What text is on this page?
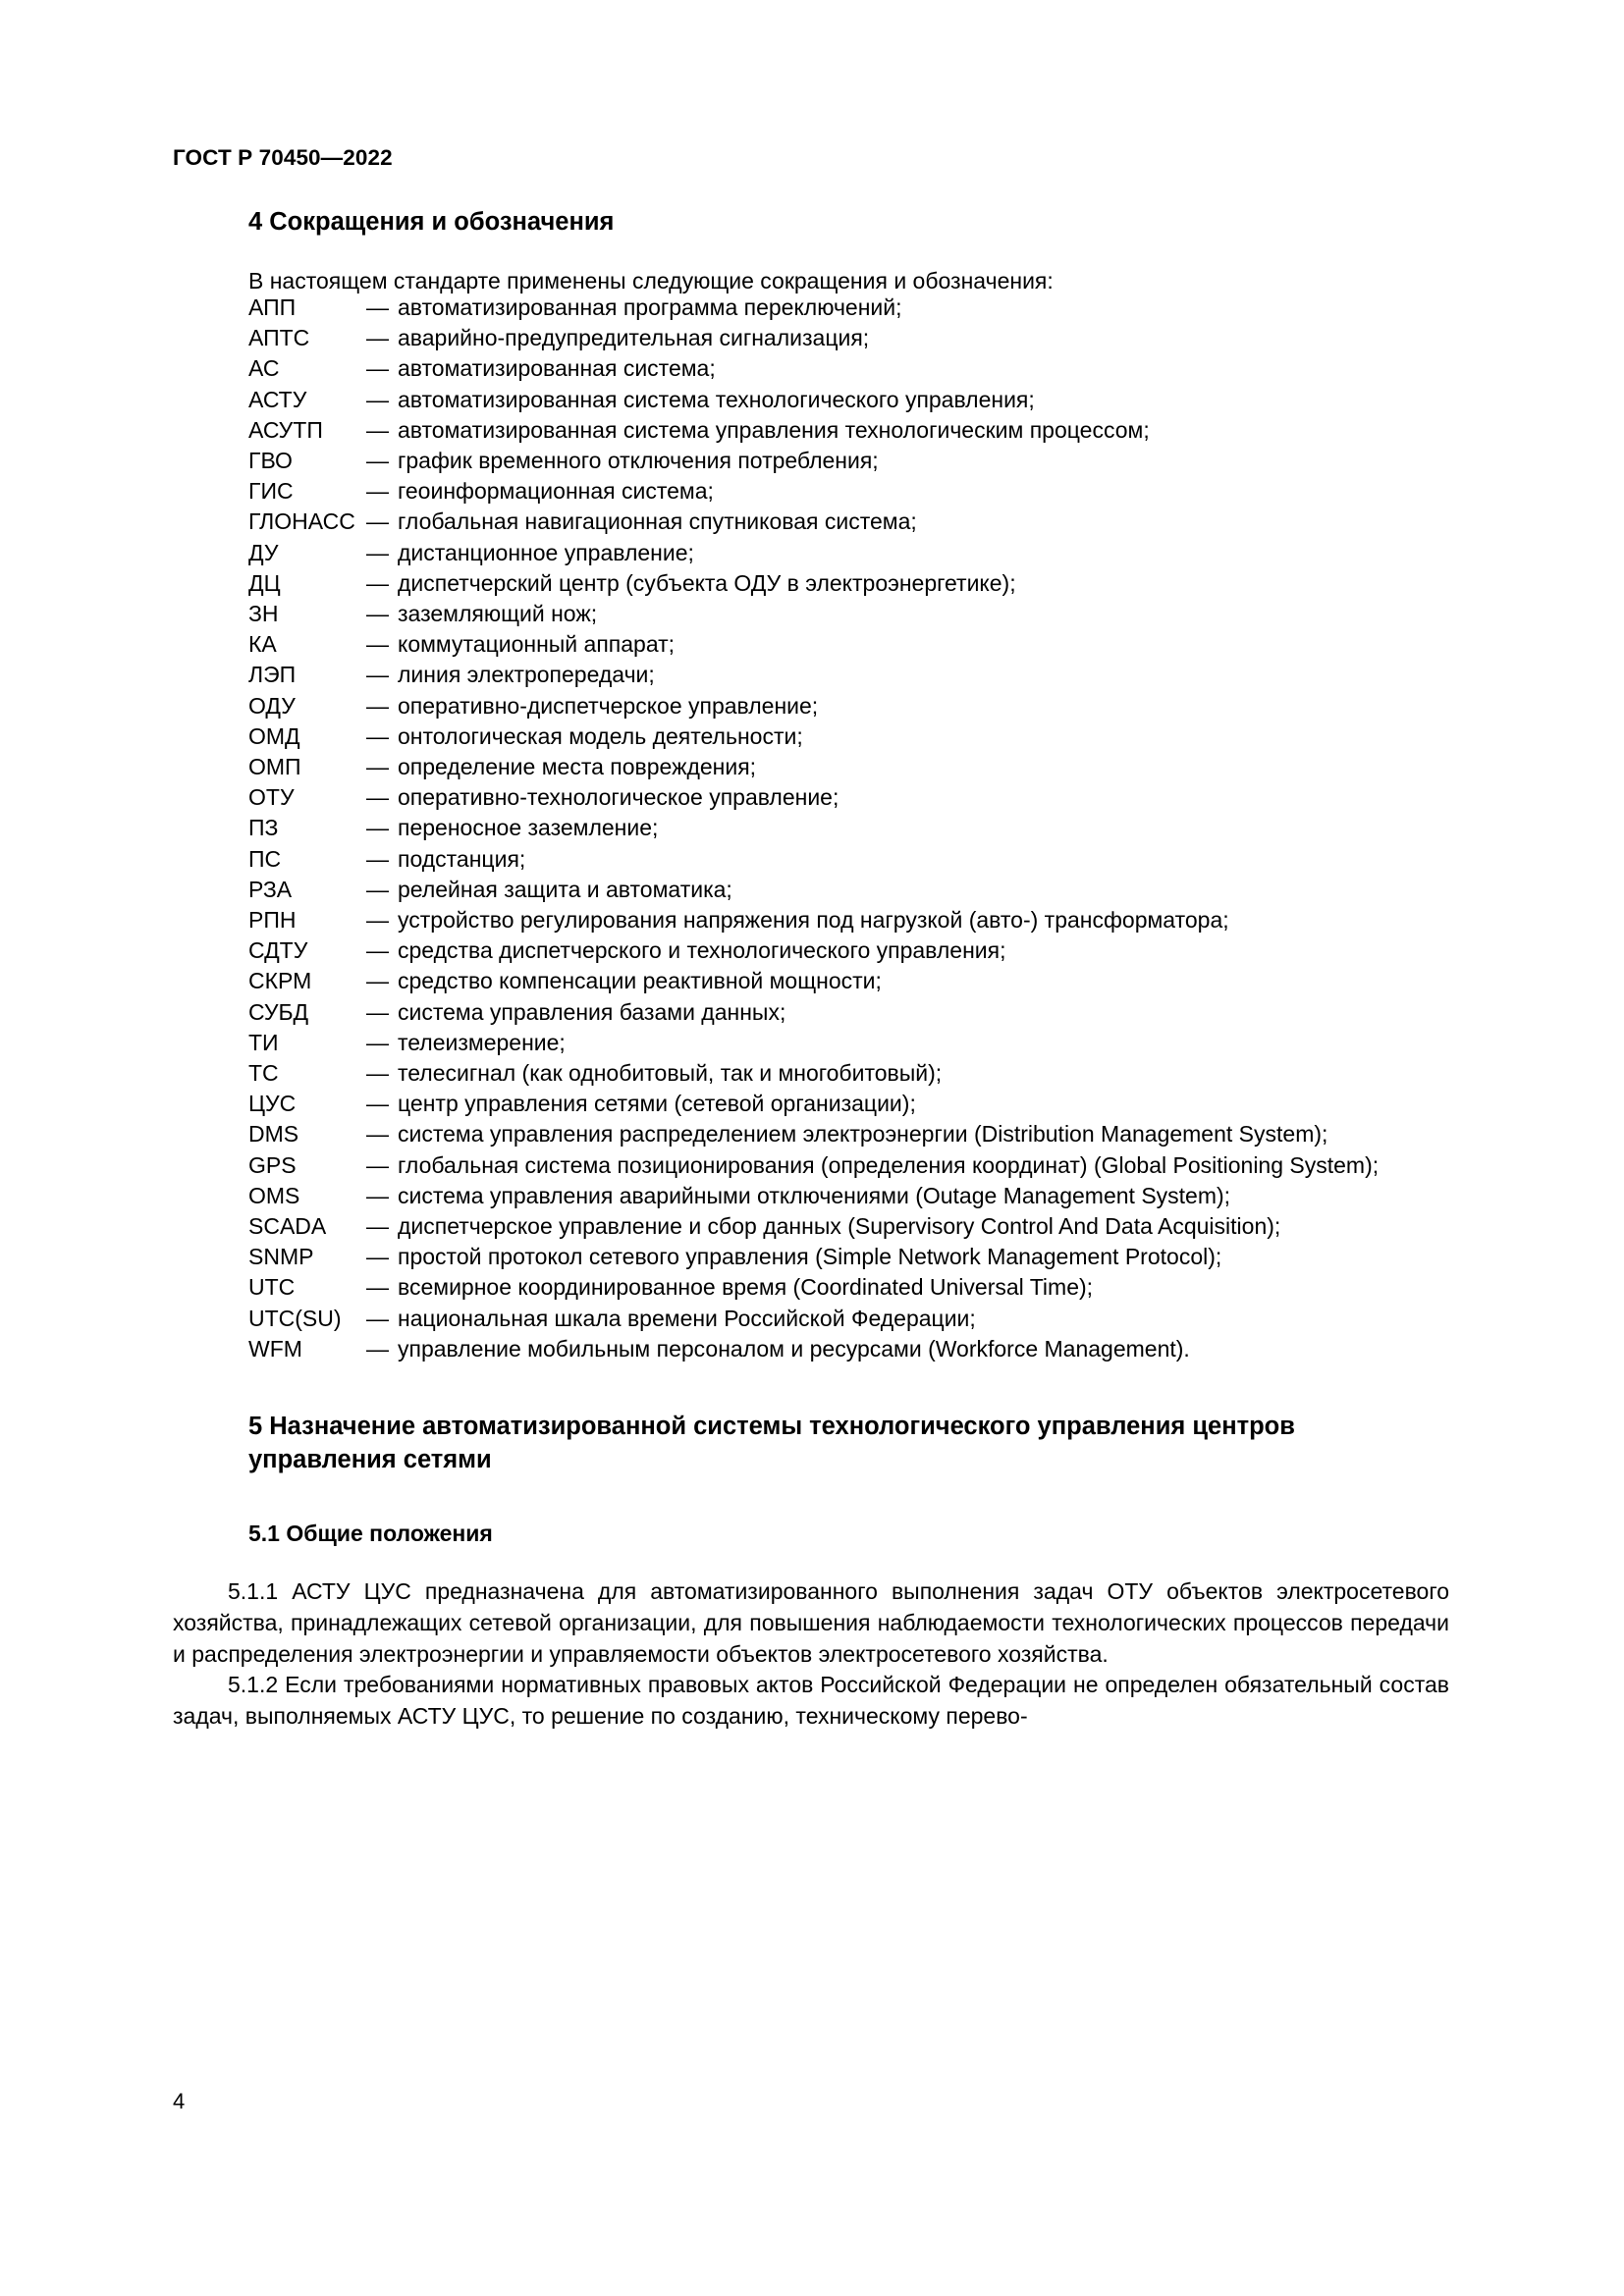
ГОСТ Р 70450—2022
4 Сокращения и обозначения

В настоящем стандарте применены следующие сокращения и обозначения:

АПП	— автоматизированная программа переключений;
АПТС	— аварийно-предупредительная сигнализация;
АС	— автоматизированная система;
АСТУ	— автоматизированная система технологического управления;
АСУТП	— автоматизированная система управления технологическим процессом;
ГВО	— график временного отключения потребления;
ГИС	— геоинформационная система;
ГЛОНАСС — глобальная навигационная спутниковая система;
ДУ	— дистанционное управление;
ДЦ	— диспетчерский центр (субъекта ОДУ в электроэнергетике);
ЗН	— заземляющий нож;
КА	— коммутационный аппарат;
ЛЭП	— линия электропередачи;
ОДУ	— оперативно-диспетчерское управление;
ОМД	— онтологическая модель деятельности;
ОМП	— определение места повреждения;
ОТУ	— оперативно-технологическое управление;
ПЗ	— переносное заземление;
ПС	— подстанция;
РЗА	— релейная защита и автоматика;
РПН	— устройство регулирования напряжения под нагрузкой (авто-) трансформатора;
СДТУ	— средства диспетчерского и технологического управления;
СКРМ	— средство компенсации реактивной мощности;
СУБД	— система управления базами данных;
ТИ	— телеизмерение;
ТС	— телесигнал (как однобитовый, так и многобитовый);
ЦУС	— центр управления сетями (сетевой организации);
DMS	— система управления распределением электроэнергии (Distribution Management System);
GPS	— глобальная система позиционирования (определения координат) (Global Positioning System);
OMS	— система управления аварийными отключениями (Outage Management System);
SCADA	— диспетчерское управление и сбор данных (Supervisory Control And Data Acquisition);
SNMP	— простой протокол сетевого управления (Simple Network Management Protocol);
UTC	— всемирное координированное время (Coordinated Universal Time);
UTC(SU)	— национальная шкала времени Российской Федерации;
WFM	— управление мобильным персоналом и ресурсами (Workforce Management).
5 Назначение автоматизированной системы технологического управления центров управления сетями
5.1 Общие положения

5.1.1 АСТУ ЦУС предназначена для автоматизированного выполнения задач ОТУ объектов электросетевого хозяйства, принадлежащих сетевой организации, для повышения наблюдаемости технологических процессов передачи и распределения электроэнергии и управляемости объектов электросетевого хозяйства.

5.1.2 Если требованиями нормативных правовых актов Российской Федерации не определен обязательный состав задач, выполняемых АСТУ ЦУС, то решение по созданию, техническому перево-

4
